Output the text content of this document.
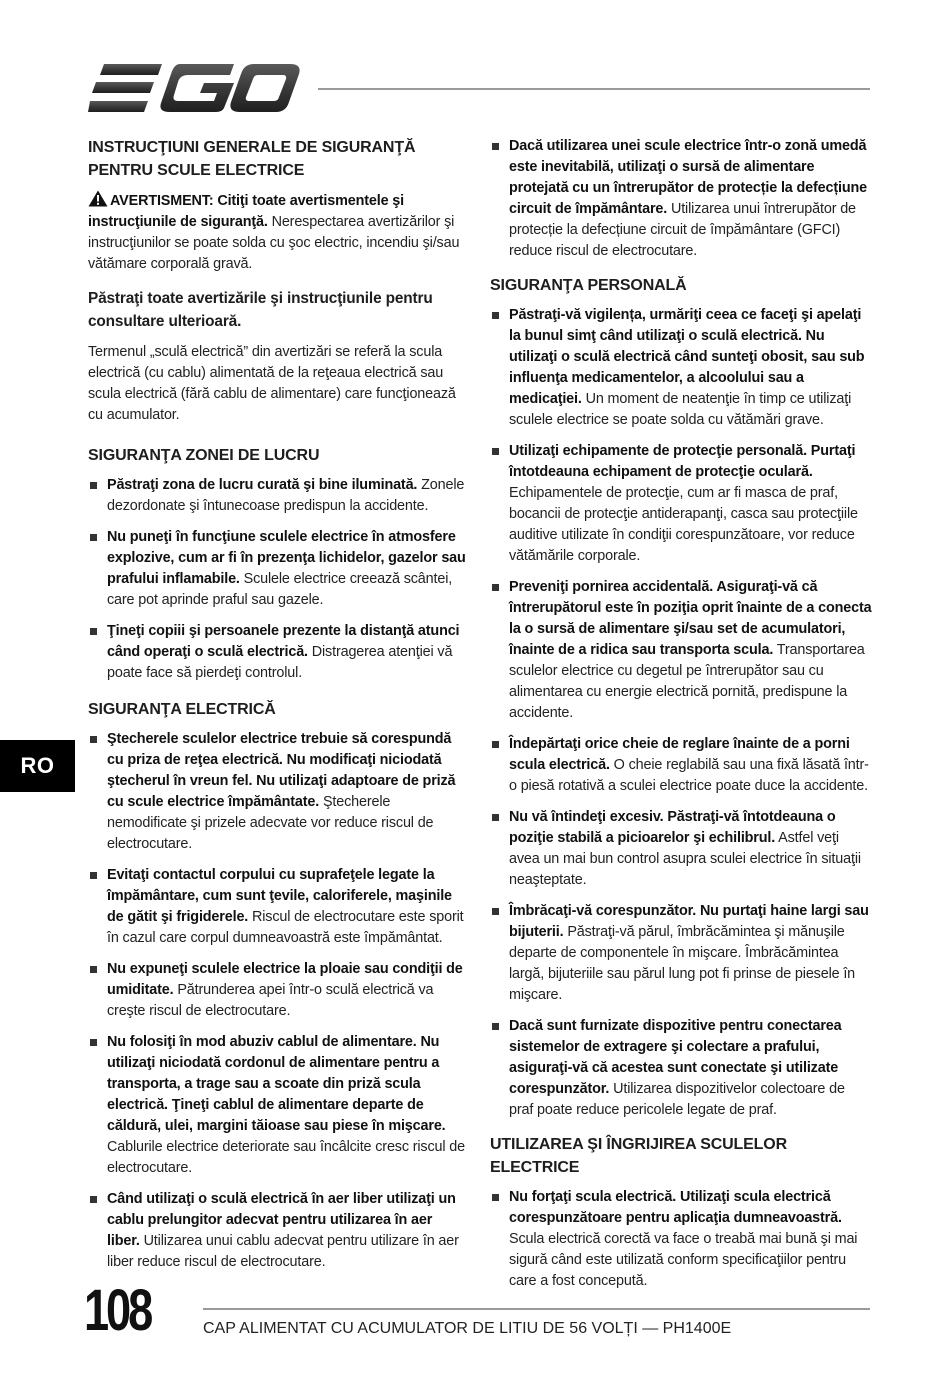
INSTRUCŢIUNI GENERALE DE SIGURANŢĂ PENTRU SCULE ELECTRICE

AVERTISMENT: Citiţi toate avertismentele şi instrucţiunile de siguranţă. Nerespectarea avertizărilor şi instrucţiunilor se poate solda cu şoc electric, incendiu şi/sau vătămare corporală gravă.

Păstraţi toate avertizările şi instrucţiunile pentru consultare ulterioară.

Termenul „sculă electrică” din avertizări se referă la scula electrică (cu cablu) alimentată de la reţeaua electrică sau scula electrică (fără cablu de alimentare) care funcţionează cu acumulator.

SIGURANŢA ZONEI DE LUCRU
Păstraţi zona de lucru curată şi bine iluminată. Zonele dezordonate şi întunecoase predispun la accidente.
Nu puneţi în funcţiune sculele electrice în atmosfere explozive, cum ar fi în prezenţa lichidelor, gazelor sau prafului inflamabile. Sculele electrice creează scântei, care pot aprinde praful sau gazele.
Ţineţi copiii şi persoanele prezente la distanţă atunci când operaţi o sculă electrică. Distragerea atenţiei vă poate face să pierdeţi controlul.
SIGURANŢA ELECTRICĂ
Ştecherele sculelor electrice trebuie să corespundă cu priza de reţea electrică. Nu modificaţi niciodată ştecherul în vreun fel. Nu utilizaţi adaptoare de priză cu scule electrice împământate. Ştecherele nemodificate şi prizele adecvate vor reduce riscul de electrocutare.
Evitaţi contactul corpului cu suprafeţele legate la împământare, cum sunt ţevile, caloriferele, maşinile de gătit şi frigiderele. Riscul de electrocutare este sporit în cazul care corpul dumneavoastră este împământat.
Nu expuneţi sculele electrice la ploaie sau condiţii de umiditate. Pătrunderea apei într-o sculă electrică va creşte riscul de electrocutare.
Nu folosiţi în mod abuziv cablul de alimentare. Nu utilizaţi niciodată cordonul de alimentare pentru a transporta, a trage sau a scoate din priză scula electrică. Ţineţi cablul de alimentare departe de căldură, ulei, margini tăioase sau piese în mişcare. Cablurile electrice deteriorate sau încâlcite cresc riscul de electrocutare.
Când utilizaţi o sculă electrică în aer liber utilizaţi un cablu prelungitor adecvat pentru utilizarea în aer liber. Utilizarea unui cablu adecvat pentru utilizare în aer liber reduce riscul de electrocutare.
Dacă utilizarea unei scule electrice într-o zonă umedă este inevitabilă, utilizaţi o sursă de alimentare protejată cu un întrerupător de protecție la defecțiune circuit de împământare. Utilizarea unui întrerupător de protecție la defecțiune circuit de împământare (GFCI) reduce riscul de electrocutare.
SIGURANŢA PERSONALĂ
Păstraţi-vă vigilența, urmăriţi ceea ce faceţi şi apelaţi la bunul simţ când utilizaţi o sculă electrică. Nu utilizaţi o sculă electrică când sunteţi obosit, sau sub influenţa medicamentelor, a alcoolului sau a medicaţiei. Un moment de neatenţie în timp ce utilizaţi sculele electrice se poate solda cu vătămări grave.
Utilizaţi echipamente de protecţie personală. Purtaţi întotdeauna echipament de protecţie oculară. Echipamentele de protecţie, cum ar fi masca de praf, bocancii de protecţie antiderapanţi, casca sau protecţiile auditive utilizate în condiţii corespunzătoare, vor reduce vătămările corporale.
Preveniţi pornirea accidentală. Asiguraţi-vă că întrerupătorul este în poziţia oprit înainte de a conecta la o sursă de alimentare şi/sau set de acumulatori, înainte de a ridica sau transporta scula. Transportarea sculelor electrice cu degetul pe întrerupător sau cu alimentarea cu energie electrică pornită, predispune la accidente.
Îndepărtaţi orice cheie de reglare înainte de a porni scula electrică. O cheie reglabilă sau una fixă lăsată într-o piesă rotativă a sculei electrice poate duce la accidente.
Nu vă întindeţi excesiv. Păstraţi-vă întotdeauna o poziţie stabilă a picioarelor şi echilibrul. Astfel veţi avea un mai bun control asupra sculei electrice în situaţii neaşteptate.
Îmbrăcaţi-vă corespunzător. Nu purtaţi haine largi sau bijuterii. Păstraţi-vă părul, îmbrăcămintea şi mănuşile departe de componentele în mişcare. Îmbrăcămintea largă, bijuteriile sau părul lung pot fi prinse de piesele în mişcare.
Dacă sunt furnizate dispozitive pentru conectarea sistemelor de extragere şi colectare a prafului, asiguraţi-vă că acestea sunt conectate şi utilizate corespunzător. Utilizarea dispozitivelor colectoare de praf poate reduce pericolele legate de praf.
UTILIZAREA ŞI ÎNGRIJIREA SCULELOR ELECTRICE
Nu forţaţi scula electrică. Utilizaţi scula electrică corespunzătoare pentru aplicaţia dumneavoastră. Scula electrică corectă va face o treabă mai bună şi mai sigură când este utilizată conform specificaţiilor pentru care a fost concepută.
RO
108	CAP ALIMENTAT CU ACUMULATOR DE LITIU DE 56 VOLȚI — PH1400E
